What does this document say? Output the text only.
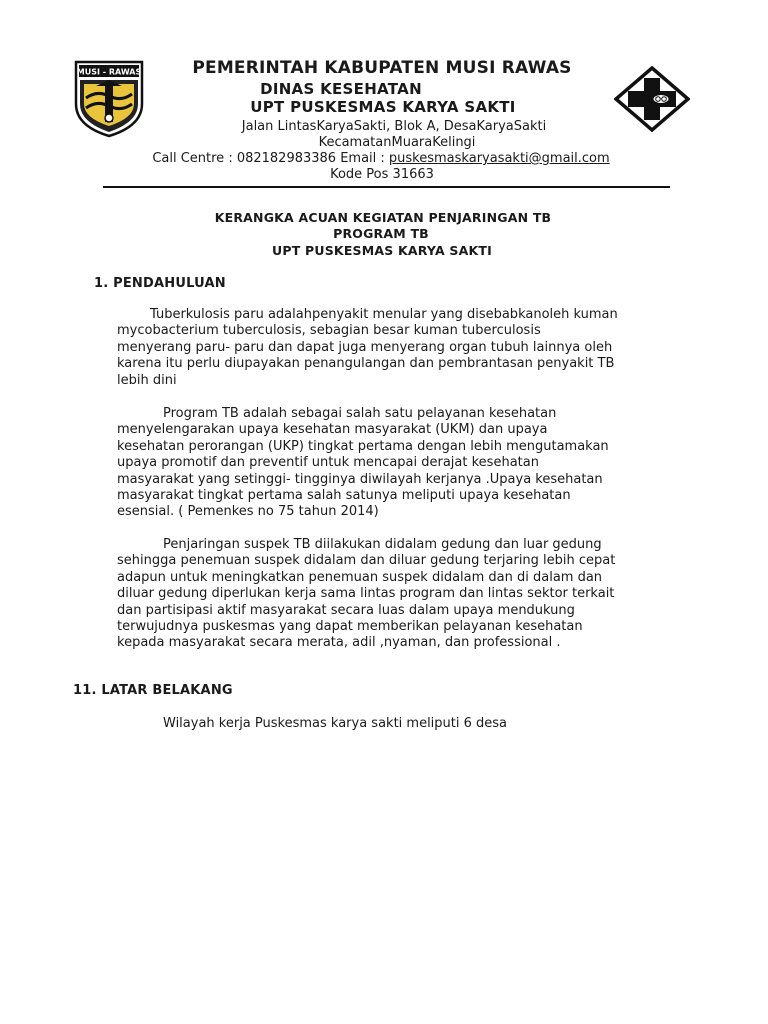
MUSI - RAWAS	PEMERINTAH KABUPATEN MUSI RAWAS
DINAS KESEHATAN
UPT PUSKESMAS KARYA SAKTI
Jalan LintasKaryaSakti, Blok A, DesaKaryaSakti
KecamatanMuaraKelingi
Call Centre : 082182983386 Email : puskesmaskaryasakti@gmail.com
Kode Pos 31663
KERANGKA ACUAN KEGIATAN PENJARINGAN TB
PROGRAM TB
UPT PUSKESMAS KARYA SAKTI
1. PENDAHULUAN
Tuberkulosis paru adalahpenyakit menular yang disebabkanoleh kuman
mycobacterium tuberculosis, sebagian besar kuman tuberculosis
menyerang paru- paru dan dapat juga menyerang organ tubuh lainnya oleh
karena itu perlu diupayakan penangulangan dan pembrantasan penyakit TB
lebih dini
Program TB adalah sebagai salah satu pelayanan kesehatan
menyelengarakan upaya kesehatan masyarakat (UKM) dan upaya
kesehatan perorangan (UKP) tingkat pertama dengan lebih mengutamakan
upaya promotif dan preventif untuk mencapai derajat kesehatan
masyarakat yang setinggi- tingginya diwilayah kerjanya .Upaya kesehatan
masyarakat tingkat pertama salah satunya meliputi upaya kesehatan
esensial. ( Pemenkes no 75 tahun 2014)
Penjaringan suspek TB diilakukan didalam gedung dan luar gedung
sehingga penemuan suspek didalam dan diluar gedung terjaring lebih cepat
adapun untuk meningkatkan penemuan suspek didalam dan di dalam dan
diluar gedung diperlukan kerja sama lintas program dan lintas sektor terkait
dan partisipasi aktif masyarakat secara luas dalam upaya mendukung
terwujudnya puskesmas yang dapat memberikan pelayanan kesehatan
kepada masyarakat secara merata, adil ,nyaman, dan professional .
11. LATAR BELAKANG
Wilayah kerja Puskesmas karya sakti meliputi 6 desa
